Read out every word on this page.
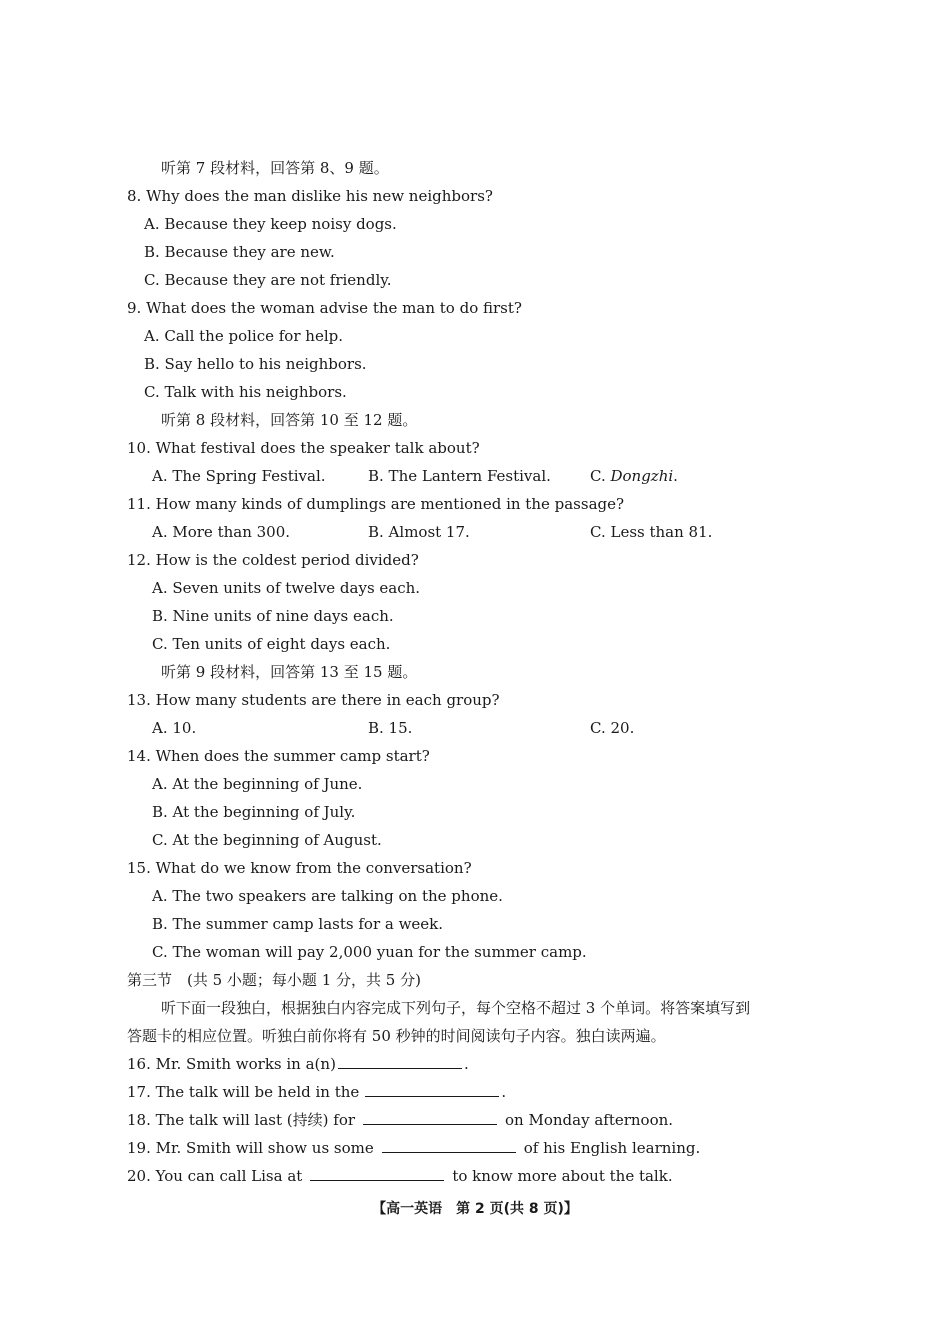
听第 7 段材料，回答第 8、9 题。
8. Why does the man dislike his new neighbors?
A. Because they keep noisy dogs.
B. Because they are new.
C. Because they are not friendly.
9. What does the woman advise the man to do first?
A. Call the police for help.
B. Say hello to his neighbors.
C. Talk with his neighbors.
听第 8 段材料，回答第 10 至 12 题。
10. What festival does the speaker talk about?
A. The Spring Festival.	B. The Lantern Festival.	C. Dongzhi.
11. How many kinds of dumplings are mentioned in the passage?
A. More than 300.	B. Almost 17.	C. Less than 81.
12. How is the coldest period divided?
A. Seven units of twelve days each.
B. Nine units of nine days each.
C. Ten units of eight days each.
听第 9 段材料，回答第 13 至 15 题。
13. How many students are there in each group?
A. 10.	B. 15.	C. 20.
14. When does the summer camp start?
A. At the beginning of June.
B. At the beginning of July.
C. At the beginning of August.
15. What do we know from the conversation?
A. The two speakers are talking on the phone.
B. The summer camp lasts for a week.
C. The woman will pay 2,000 yuan for the summer camp.
第三节　(共 5 小题；每小题 1 分，共 5 分)
听下面一段独白，根据独白内容完成下列句子，每个空格不超过 3 个单词。将答案填写到
答题卡的相应位置。听独白前你将有 50 秒钟的时间阅读句子内容。独白读两遍。
16. Mr. Smith works in a(n)	.
17. The talk will be held in the	.
18. The talk will last (持续) for	on Monday afternoon.
19. Mr. Smith will show us some	of his English learning.
20. You can call Lisa at	to know more about the talk.
【高一英语　第 2 页(共 8 页)】
